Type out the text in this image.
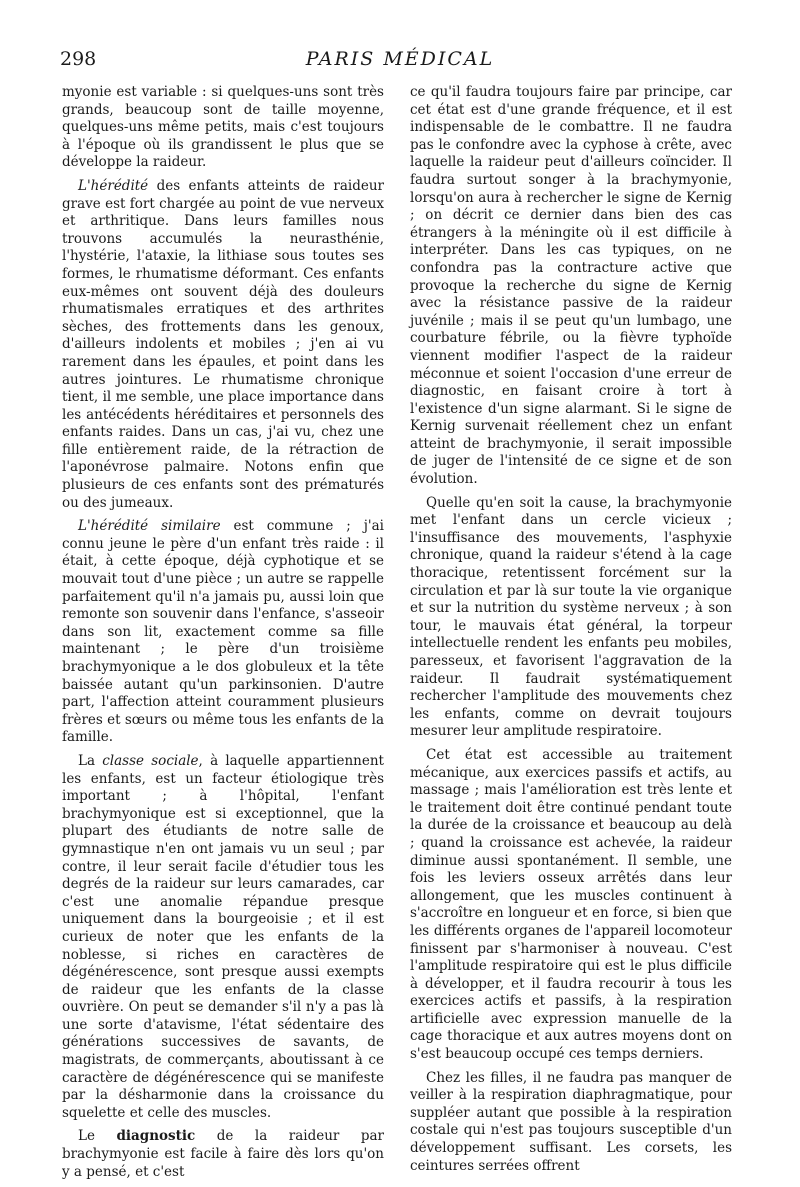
298	PARIS MÉDICAL

myonie est variable : si quelques-uns sont très grands, beaucoup sont de taille moyenne, quelques-uns même petits, mais c'est toujours à l'époque où ils grandissent le plus que se développe la raideur.

L'hérédité des enfants atteints de raideur grave est fort chargée au point de vue nerveux et arthritique. Dans leurs familles nous trouvons accumulés la neurasthénie, l'hystérie, l'ataxie, la lithiase sous toutes ses formes, le rhumatisme déformant. Ces enfants eux-mêmes ont souvent déjà des douleurs rhumatismales erratiques et des arthrites sèches, des frottements dans les genoux, d'ailleurs indolents et mobiles ; j'en ai vu rarement dans les épaules, et point dans les autres jointures. Le rhumatisme chronique tient, il me semble, une place importance dans les antécédents héréditaires et personnels des enfants raides. Dans un cas, j'ai vu, chez une fille entièrement raide, de la rétraction de l'aponévrose palmaire. Notons enfin que plusieurs de ces enfants sont des prématurés ou des jumeaux.

L'hérédité similaire est commune ; j'ai connu jeune le père d'un enfant très raide : il était, à cette époque, déjà cyphotique et se mouvait tout d'une pièce ; un autre se rappelle parfaitement qu'il n'a jamais pu, aussi loin que remonte son souvenir dans l'enfance, s'asseoir dans son lit, exactement comme sa fille maintenant ; le père d'un troisième brachymyonique a le dos globuleux et la tête baissée autant qu'un parkinsonien. D'autre part, l'affection atteint couramment plusieurs frères et sœurs ou même tous les enfants de la famille.

La classe sociale, à laquelle appartiennent les enfants, est un facteur étiologique très important ; à l'hôpital, l'enfant brachymyonique est si exceptionnel, que la plupart des étudiants de notre salle de gymnastique n'en ont jamais vu un seul ; par contre, il leur serait facile d'étudier tous les degrés de la raideur sur leurs camarades, car c'est une anomalie répandue presque uniquement dans la bourgeoisie ; et il est curieux de noter que les enfants de la noblesse, si riches en caractères de dégénérescence, sont presque aussi exempts de raideur que les enfants de la classe ouvrière. On peut se demander s'il n'y a pas là une sorte d'atavisme, l'état sédentaire des générations successives de savants, de magistrats, de commerçants, aboutissant à ce caractère de dégénérescence qui se manifeste par la désharmonie dans la croissance du squelette et celle des muscles.

Le diagnostic de la raideur par brachymyonie est facile à faire dès lors qu'on y a pensé, et c'est

ce qu'il faudra toujours faire par principe, car cet état est d'une grande fréquence, et il est indispensable de le combattre. Il ne faudra pas le confondre avec la cyphose à crête, avec laquelle la raideur peut d'ailleurs coïncider. Il faudra surtout songer à la brachymyonie, lorsqu'on aura à rechercher le signe de Kernig ; on décrit ce dernier dans bien des cas étrangers à la méningite où il est difficile à interpréter. Dans les cas typiques, on ne confondra pas la contracture active que provoque la recherche du signe de Kernig avec la résistance passive de la raideur juvénile ; mais il se peut qu'un lumbago, une courbature fébrile, ou la fièvre typhoïde viennent modifier l'aspect de la raideur méconnue et soient l'occasion d'une erreur de diagnostic, en faisant croire à tort à l'existence d'un signe alarmant. Si le signe de Kernig survenait réellement chez un enfant atteint de brachymyonie, il serait impossible de juger de l'intensité de ce signe et de son évolution.

Quelle qu'en soit la cause, la brachymyonie met l'enfant dans un cercle vicieux ; l'insuffisance des mouvements, l'asphyxie chronique, quand la raideur s'étend à la cage thoracique, retentissent forcément sur la circulation et par là sur toute la vie organique et sur la nutrition du système nerveux ; à son tour, le mauvais état général, la torpeur intellectuelle rendent les enfants peu mobiles, paresseux, et favorisent l'aggravation de la raideur. Il faudrait systématiquement rechercher l'amplitude des mouvements chez les enfants, comme on devrait toujours mesurer leur amplitude respiratoire.

Cet état est accessible au traitement mécanique, aux exercices passifs et actifs, au massage ; mais l'amélioration est très lente et le traitement doit être continué pendant toute la durée de la croissance et beaucoup au delà ; quand la croissance est achevée, la raideur diminue aussi spontanément. Il semble, une fois les leviers osseux arrêtés dans leur allongement, que les muscles continuent à s'accroître en longueur et en force, si bien que les différents organes de l'appareil locomoteur finissent par s'harmoniser à nouveau. C'est l'amplitude respiratoire qui est le plus difficile à développer, et il faudra recourir à tous les exercices actifs et passifs, à la respiration artificielle avec expression manuelle de la cage thoracique et aux autres moyens dont on s'est beaucoup occupé ces temps derniers.

Chez les filles, il ne faudra pas manquer de veiller à la respiration diaphragmatique, pour suppléer autant que possible à la respiration costale qui n'est pas toujours susceptible d'un développement suffisant. Les corsets, les ceintures serrées offrent
